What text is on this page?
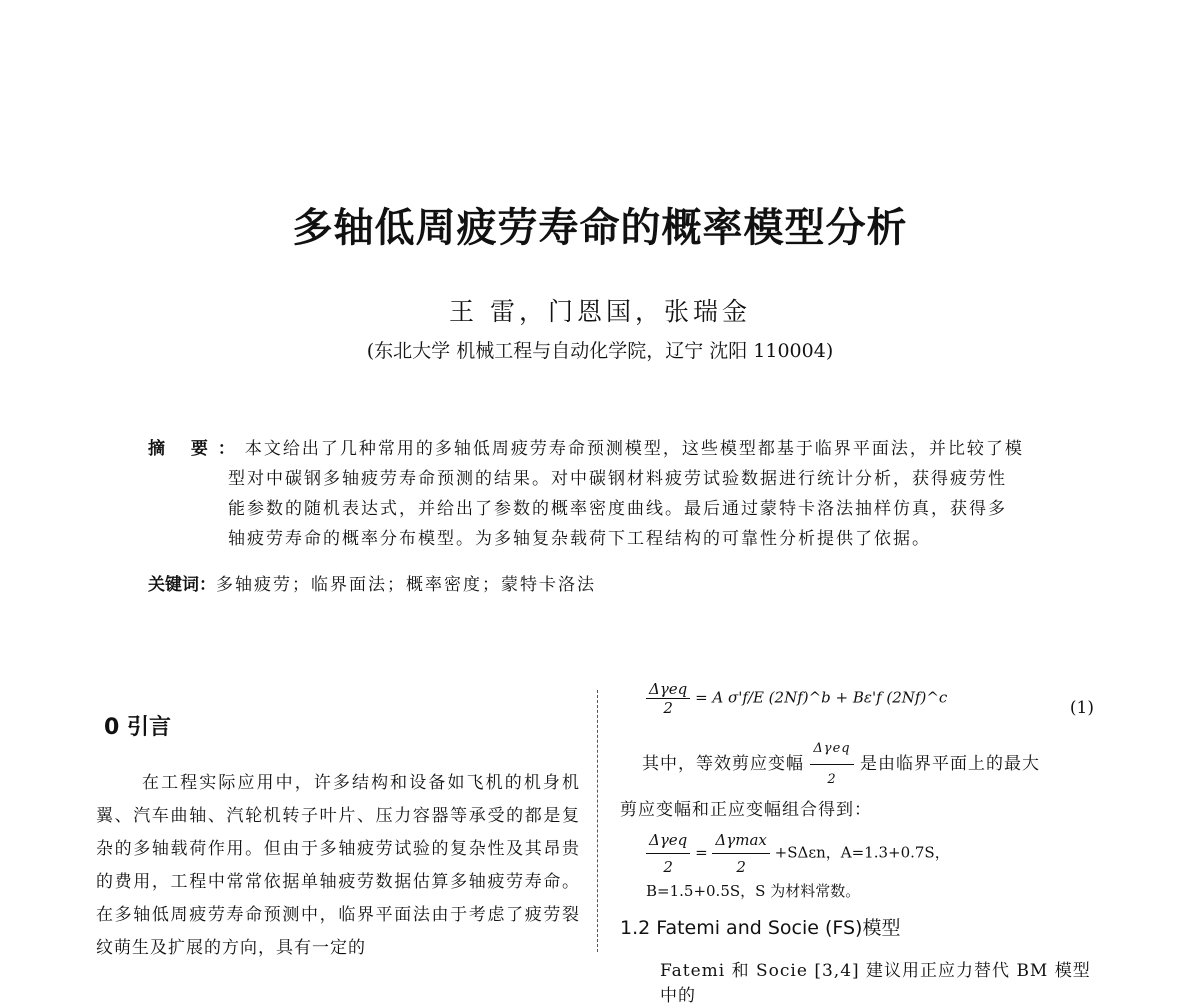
多轴低周疲劳寿命的概率模型分析
王 雷，门恩国，张瑞金
(东北大学 机械工程与自动化学院，辽宁 沈阳 110004)
摘 要：本文给出了几种常用的多轴低周疲劳寿命预测模型，这些模型都基于临界平面法，并比较了模
型对中碳钢多轴疲劳寿命预测的结果。对中碳钢材料疲劳试验数据进行统计分析，获得疲劳性
能参数的随机表达式，并给出了参数的概率密度曲线。最后通过蒙特卡洛法抽样仿真，获得多
轴疲劳寿命的概率分布模型。为多轴复杂载荷下工程结构的可靠性分析提供了依据。
关键词：多轴疲劳；临界面法；概率密度；蒙特卡洛法
0 引言
在工程实际应用中，许多结构和设备如飞机的机身机翼、汽车曲轴、汽轮机转子叶片、压力容器等承受的都是复杂的多轴载荷作用。但由于多轴疲劳试验的复杂性及其昂贵的费用，工程中常常依据单轴疲劳数据估算多轴疲劳寿命。在多轴低周疲劳寿命预测中，临界平面法由于考虑了疲劳裂纹萌生及扩展的方向，具有一定的
$\frac{\text{Δγeq}}{2} = A$ σ'f/E (2Nf)^b + Bε'f (2Nf)^c
(1)
其中，等效剪应变幅 $\frac{\text{Δγeq}}{2}$ 是由临界平面上的最大
剪应变幅和正应变幅组合得到：
$\frac{\text{Δγeq}}{2} = \frac{\Delta\gamma\max}{2} +S\Delta\varepsilon n$，A=1.3+0.7S，
B=1.5+0.5S，S 为材料常数。
1.2 Fatemi and Socie (FS)模型
Fatemi 和 Socie [3,4] 建议用正应力替代 BM 模型中的
